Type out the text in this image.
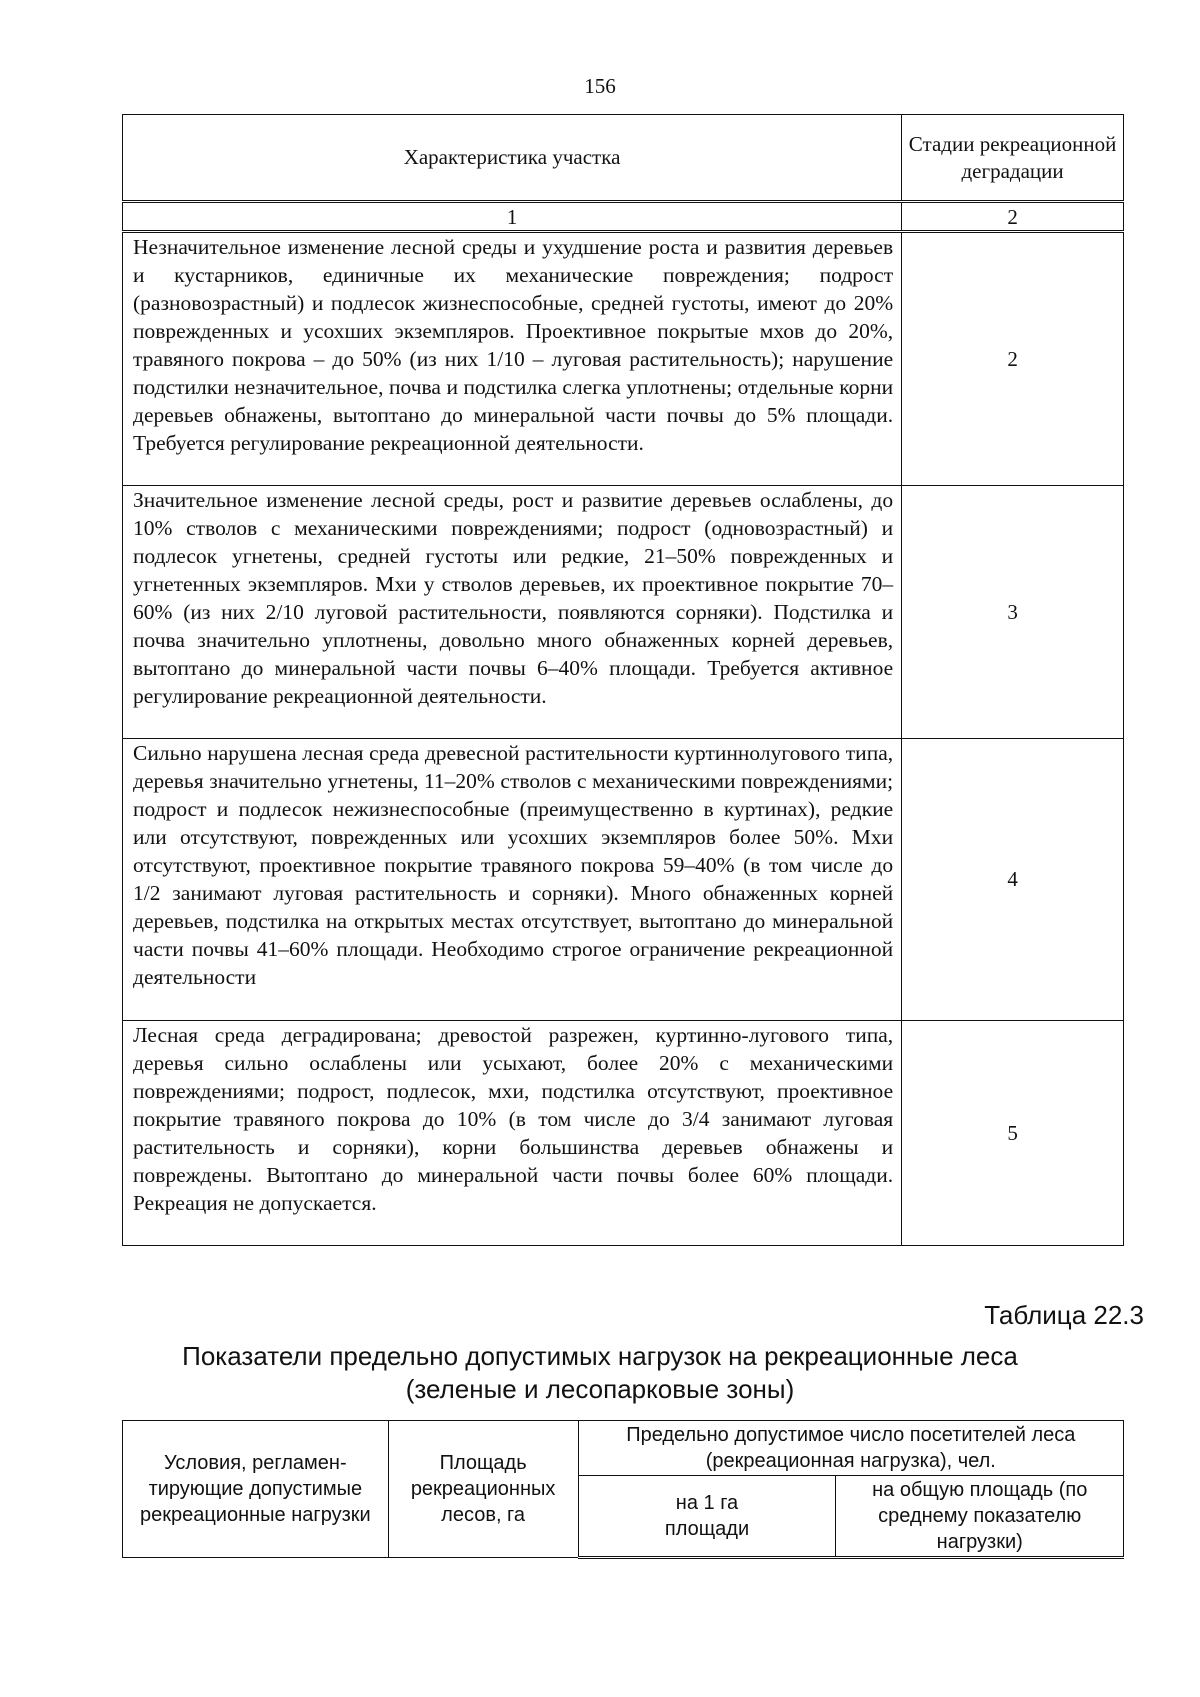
156
Характеристика участка	Стадии рекреационной деградации
1	2
Незначительное изменение лесной среды и ухудшение роста и развития деревьев и кустарников, единичные их механические повреждения; подрост (разновозрастный) и подлесок жизнеспособные, средней густоты, имеют до 20% поврежденных и усохших экземпляров. Проективное покрытые мхов до 20%, травяного покрова – до 50% (из них 1/10 – луговая растительность); нарушение подстилки незначительное, почва и подстилка слегка уплотнены; отдельные корни деревьев обнажены, вытоптано до минеральной части почвы до 5% площади. Требуется регулирование рекреационной деятельности.	2
Значительное изменение лесной среды, рост и развитие деревьев ослаблены, до 10% стволов с механическими повреждениями; подрост (одновозрастный) и подлесок угнетены, средней густоты или редкие, 21–50% поврежденных и угнетенных экземпляров. Мхи у стволов деревьев, их проективное покрытие 70–60% (из них 2/10 луговой растительности, появляются сорняки). Подстилка и почва значительно уплотнены, довольно много обнаженных корней деревьев, вытоптано до минеральной части почвы 6–40% площади. Требуется активное регулирование рекреационной деятельности.	3
Сильно нарушена лесная среда древесной растительности куртиннолугового типа, деревья значительно угнетены, 11–20% стволов с механическими повреждениями; подрост и подлесок нежизнеспособные (преимущественно в куртинах), редкие или отсутствуют, поврежденных или усохших экземпляров более 50%. Мхи отсутствуют, проективное покрытие травяного покрова 59–40% (в том числе до 1/2 занимают луговая растительность и сорняки). Много обнаженных корней деревьев, подстилка на открытых местах отсутствует, вытоптано до минеральной части почвы 41–60% площади. Необходимо строгое ограничение рекреационной деятельности	4
Лесная среда деградирована; древостой разрежен, куртинно-лугового типа, деревья сильно ослаблены или усыхают, более 20% с механическими повреждениями; подрост, подлесок, мхи, подстилка отсутствуют, проективное покрытие травяного покрова до 10% (в том числе до 3/4 занимают луговая растительность и сорняки), корни большинства деревьев обнажены и повреждены. Вытоптано до минеральной части почвы более 60% площади. Рекреация не допускается.	5
Таблица 22.3
Показатели предельно допустимых нагрузок на рекреационные леса
(зеленые и лесопарковые зоны)
Условия, регламен-тирующие допустимые рекреационные нагрузки	Площадь рекреационных лесов, га	Предельно допустимое число посетителей леса (рекреационная нагрузка), чел.	
		на 1 га площади	на общую площадь (по среднему показателю нагрузки)
